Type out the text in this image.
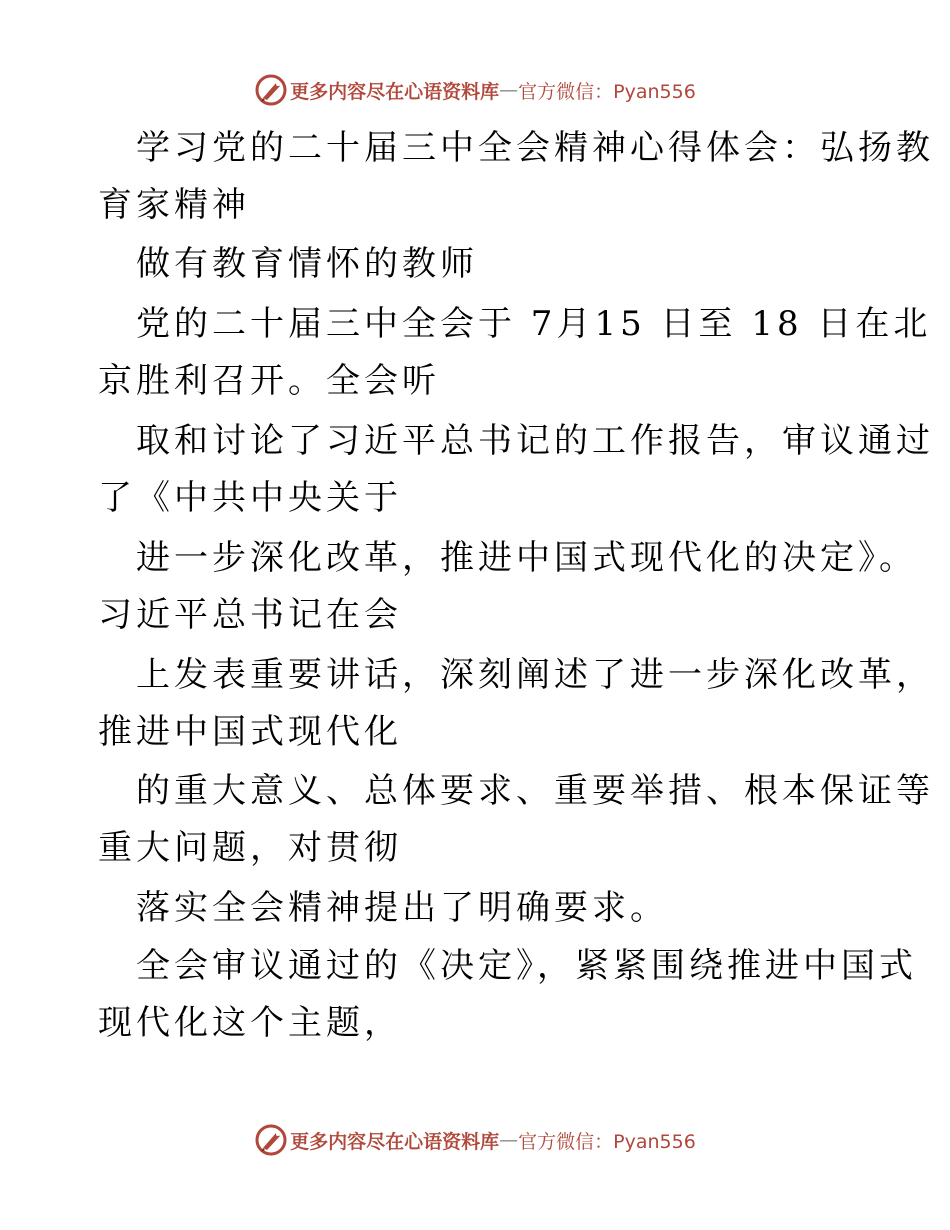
更多内容尽在心语资料库 — 官方微信：Pyan556
学习党的二十届三中全会精神心得体会：弘扬教
育家精神
做有教育情怀的教师
党的二十届三中全会于 7月15 日至 18 日在北
京胜利召开。全会听
取和讨论了习近平总书记的工作报告，审议通过
了《中共中央关于
进一步深化改革，推进中国式现代化的决定》。
习近平总书记在会
上发表重要讲话，深刻阐述了进一步深化改革，
推进中国式现代化
的重大意义、总体要求、重要举措、根本保证等
重大问题，对贯彻
落实全会精神提出了明确要求。
全会审议通过的《决定》，紧紧围绕推进中国式
现代化这个主题，
更多内容尽在心语资料库 — 官方微信：Pyan556
